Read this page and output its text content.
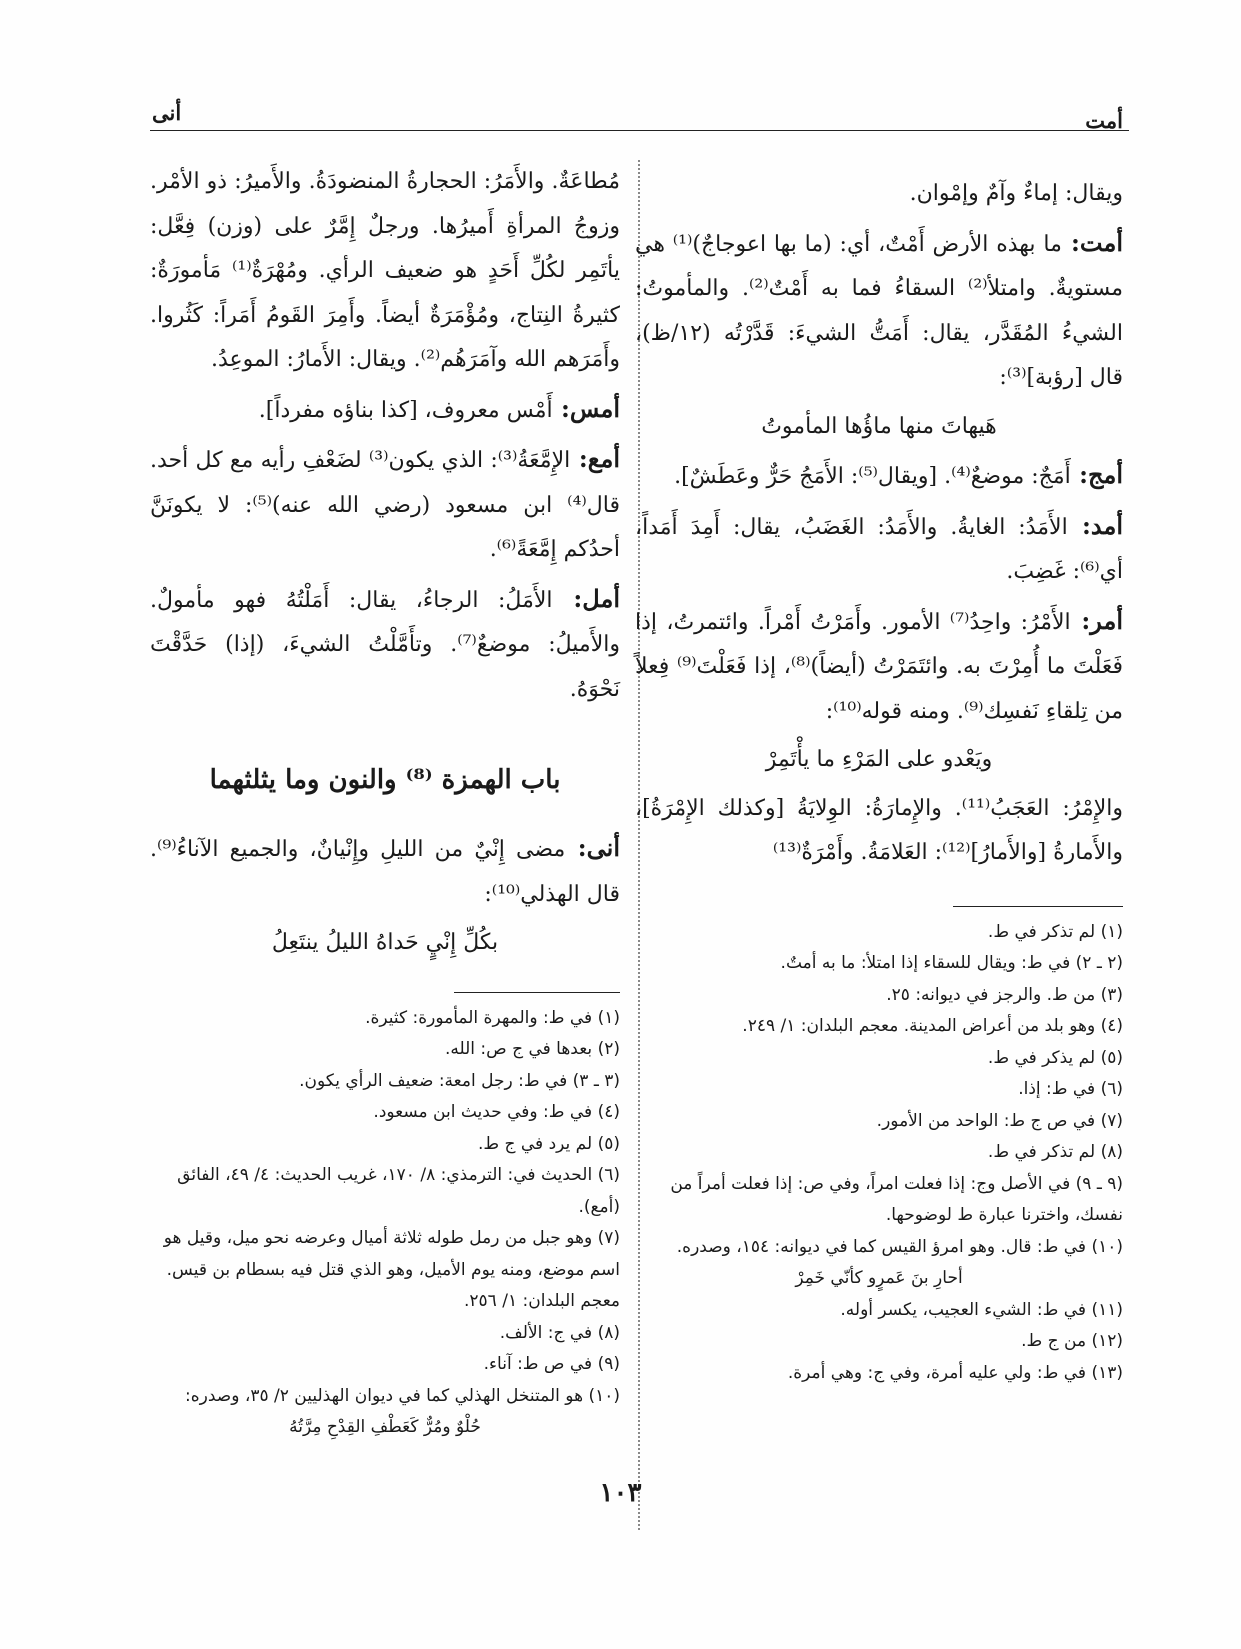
أمت
أنى

ويقال: إماءٌ وآمٌ وإمْوان.

أمت: ما بهذه الأرض أَمْتٌ، أي: (ما بها اعوجاجٌ)⁽¹⁾ هي مستويةٌ. وامتلأ⁽²⁾ السقاءُ فما به أَمْتٌ⁽²⁾. والمأموتُ: الشيءُ المُقَدَّر، يقال: أَمَتُّ الشيءَ: قَدَّرْتُه (١٢/ظ)، قال [رؤبة]⁽³⁾:

هَيهاتَ منها ماؤُها المأموتُ

أمج: أَمَجٌ: موضعٌ⁽⁴⁾. [ويقال⁽⁵⁾: الأَمَجُ حَرٌّ وعَطَشٌ].

أمد: الأَمَدُ: الغايةُ. والأَمَدُ: الغَضَبُ، يقال: أَمِدَ أَمَداً، أي⁽⁶⁾: غَضِبَ.

أمر: الأَمْرُ: واحِدُ⁽⁷⁾ الأمور. وأَمَرْتُ أَمْراً. وائتمرتُ، إذا فَعَلْتَ ما أُمِرْتَ به. وائتَمَرْتُ (أيضاً)⁽⁸⁾، إذا فَعَلْتَ⁽⁹⁾ فِعلاً من تِلقاءِ نَفسِك⁽⁹⁾. ومنه قوله⁽¹⁰⁾:

ويَعْدو على المَرْءِ ما يأْتَمِرْ

والإِمْرُ: العَجَبُ⁽¹¹⁾. والإِمارَةُ: الوِلايَةُ [وكذلك الإِمْرَةُ]، والأَمارةُ [والأَمارُ]⁽¹²⁾: العَلامَةُ. وأَمْرَةٌ⁽¹³⁾

(١) لم تذكر في ط.
(٢ ـ ٢) في ط: ويقال للسقاء إذا امتلأ: ما به أمتٌ.
(٣) من ط. والرجز في ديوانه: ٢٥.
(٤) وهو بلد من أعراض المدينة. معجم البلدان: ١/ ٢٤٩.
(٥) لم يذكر في ط.
(٦) في ط: إذا.
(٧) في ص ج ط: الواحد من الأمور.
(٨) لم تذكر في ط.
(٩ ـ ٩) في الأصل وج: إذا فعلت امراً، وفي ص: إذا فعلت أمراً من نفسك، واخترنا عبارة ط لوضوحها.
(١٠) في ط: قال. وهو امرؤ القيس كما في ديوانه: ١٥٤، وصدره.
أحارِ بنَ عَمرٍو كأنّي خَمِرْ
(١١) في ط: الشيء العجيب، يكسر أوله.
(١٢) من ج ط.
(١٣) في ط: ولي عليه أمرة، وفي ج: وهي أمرة.

مُطاعَةٌ. والأَمَرُ: الحجارةُ المنضودَةُ. والأَميرُ: ذو الأمْر. وزوجُ المرأةِ أَميرُها. ورجلٌ إِمَّرٌ على (وزن) فِعَّل: يأتَمِر لكُلِّ أَحَدٍ هو ضعيف الرأي. ومُهْرَةٌ⁽¹⁾ مَأمورَةٌ: كثيرةُ النِتاج، ومُؤْمَرَةٌ أيضاً. وأَمِرَ القَومُ أَمَراً: كَثُروا. وأَمَرَهم الله وآمَرَهُم⁽²⁾. ويقال: الأَمارُ: الموعِدُ.

أمس: أَمْس معروف، [كذا بناؤه مفرداً].

أمع: الإِمَّعَةُ⁽³⁾: الذي يكون⁽³⁾ لضَعْفِ رأيه مع كل أحد. قال⁽⁴⁾ ابن مسعود (رضي الله عنه)⁽⁵⁾: لا يكونَنَّ أحدُكم إِمَّعَةً⁽⁶⁾.

أمل: الأَمَلُ: الرجاءُ، يقال: أَمَلْتُهُ فهو مأمولٌ. والأَميلُ: موضعٌ⁽⁷⁾. وتأَمَّلْتُ الشيءَ، (إذا) حَدَّقْتَ نَحْوَهُ.

باب الهمزة ⁽⁸⁾ والنون وما يثلثهما

أنى: مضى إِنْيٌ من الليلِ وإِنْيانٌ، والجميع الآناءُ⁽⁹⁾. قال الهذلي⁽¹⁰⁾:

بكُلِّ إِنْيٍ حَداهُ الليلُ ينتَعِلُ
(١) في ط: والمهرة المأمورة: كثيرة.
(٢) بعدها في ج ص: الله.
(٣ ـ ٣) في ط: رجل امعة: ضعيف الرأي يكون.
(٤) في ط: وفي حديث ابن مسعود.
(٥) لم يرد في ج ط.
(٦) الحديث في: الترمذي: ٨/ ١٧٠، غريب الحديث: ٤/ ٤٩، الفائق (أمع).
(٧) وهو جبل من رمل طوله ثلاثة أميال وعرضه نحو ميل، وقيل هو اسم موضع، ومنه يوم الأميل، وهو الذي قتل فيه بسطام بن قيس. معجم البلدان: ١/ ٢٥٦.
(٨) في ج: الألف.
(٩) في ص ط: آناء.
(١٠) هو المتنخل الهذلي كما في ديوان الهذليين ٢/ ٣٥، وصدره:
حُلْوٌ ومُرٌّ كَعَطْفِ القِدْحِ مِرَّتُهُ
١٠٣
